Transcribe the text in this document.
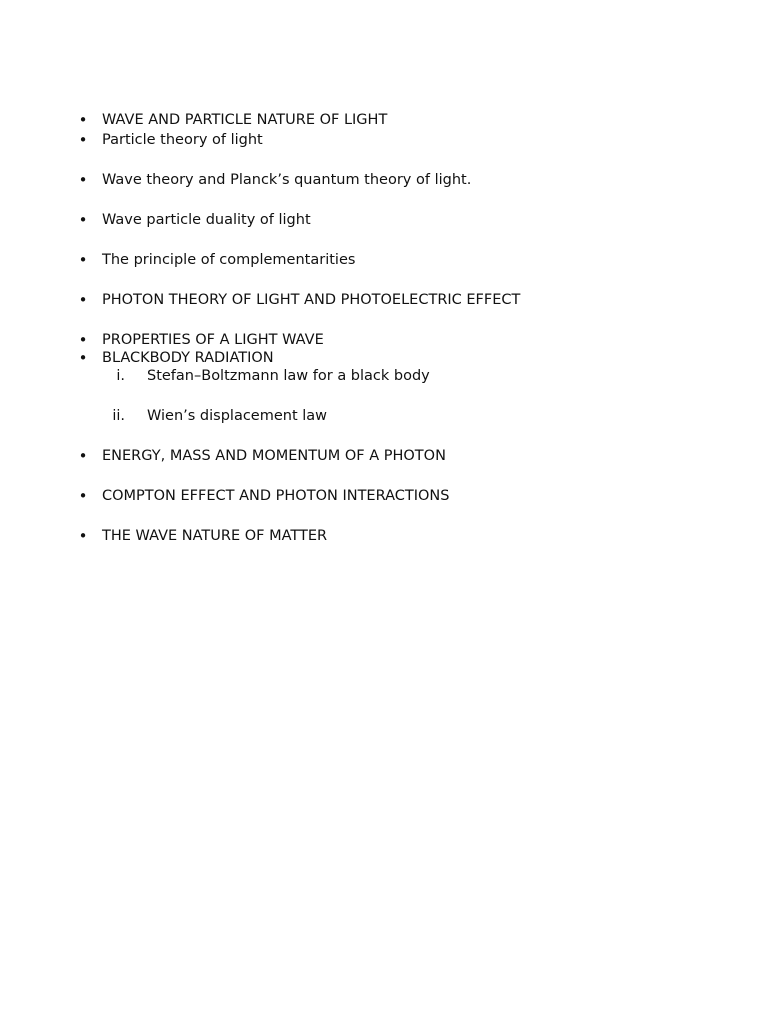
• WAVE AND PARTICLE NATURE OF LIGHT
• Particle theory of light
• Wave theory and Planck’s quantum theory of light.
• Wave particle duality of light
• The principle of complementarities
• PHOTON THEORY OF LIGHT AND PHOTOELECTRIC EFFECT
• PROPERTIES OF A LIGHT WAVE
• BLACKBODY RADIATION
i. Stefan–Boltzmann law for a black body
ii. Wien’s displacement law
• ENERGY, MASS AND MOMENTUM OF A PHOTON
• COMPTON EFFECT AND PHOTON INTERACTIONS
• THE WAVE NATURE OF MATTER
